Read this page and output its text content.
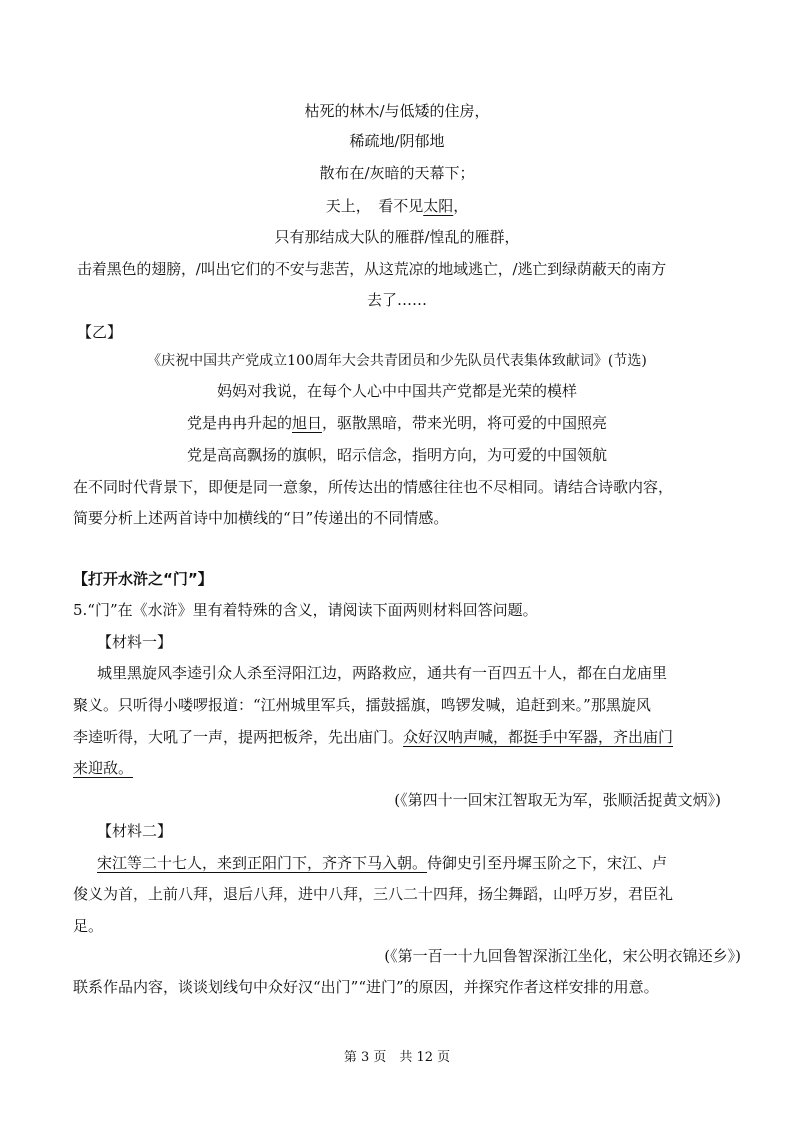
枯死的林木/与低矮的住房，
稀疏地/阴郁地
散布在/灰暗的天幕下；
天上，　看不见太阳，
只有那结成大队的雁群/惶乱的雁群，
击着黑色的翅膀，/叫出它们的不安与悲苦，从这荒凉的地域逃亡，/逃亡到绿荫蔽天的南方
去了……
【乙】
《庆祝中国共产党成立100周年大会共青团员和少先队员代表集体致献词》(节选)
妈妈对我说，在每个人心中中国共产党都是光荣的模样
党是冉冉升起的旭日，驱散黑暗，带来光明，将可爱的中国照亮
党是高高飘扬的旗帜，昭示信念，指明方向，为可爱的中国领航
在不同时代背景下，即便是同一意象，所传达出的情感往往也不尽相同。请结合诗歌内容，
简要分析上述两首诗中加横线的“日”传递出的不同情感。
【打开水浒之“门”】
5.“门”在《水浒》里有着特殊的含义，请阅读下面两则材料回答问题。
【材料一】
城里黑旋风李逵引众人杀至浔阳江边，两路救应，通共有一百四五十人，都在白龙庙里
聚义。只听得小喽啰报道：“江州城里军兵，擂鼓摇旗，鸣锣发喊，追赶到来。”那黑旋风
李逵听得，大吼了一声，提两把板斧，先出庙门。众好汉呐声喊，都挺手中军器，齐出庙门
来迎敌。
(《第四十一回宋江智取无为军，张顺活捉黄文炳》)
【材料二】
宋江等二十七人，来到正阳门下，齐齐下马入朝。侍御史引至丹墀玉阶之下，宋江、卢
俊义为首，上前八拜，退后八拜，进中八拜，三八二十四拜，扬尘舞蹈，山呼万岁，君臣礼
足。
(《第一百一十九回鲁智深浙江坐化，宋公明衣锦还乡》)
联系作品内容，谈谈划线句中众好汉“出门”“进门”的原因，并探究作者这样安排的用意。
第 3 页　共 12 页
